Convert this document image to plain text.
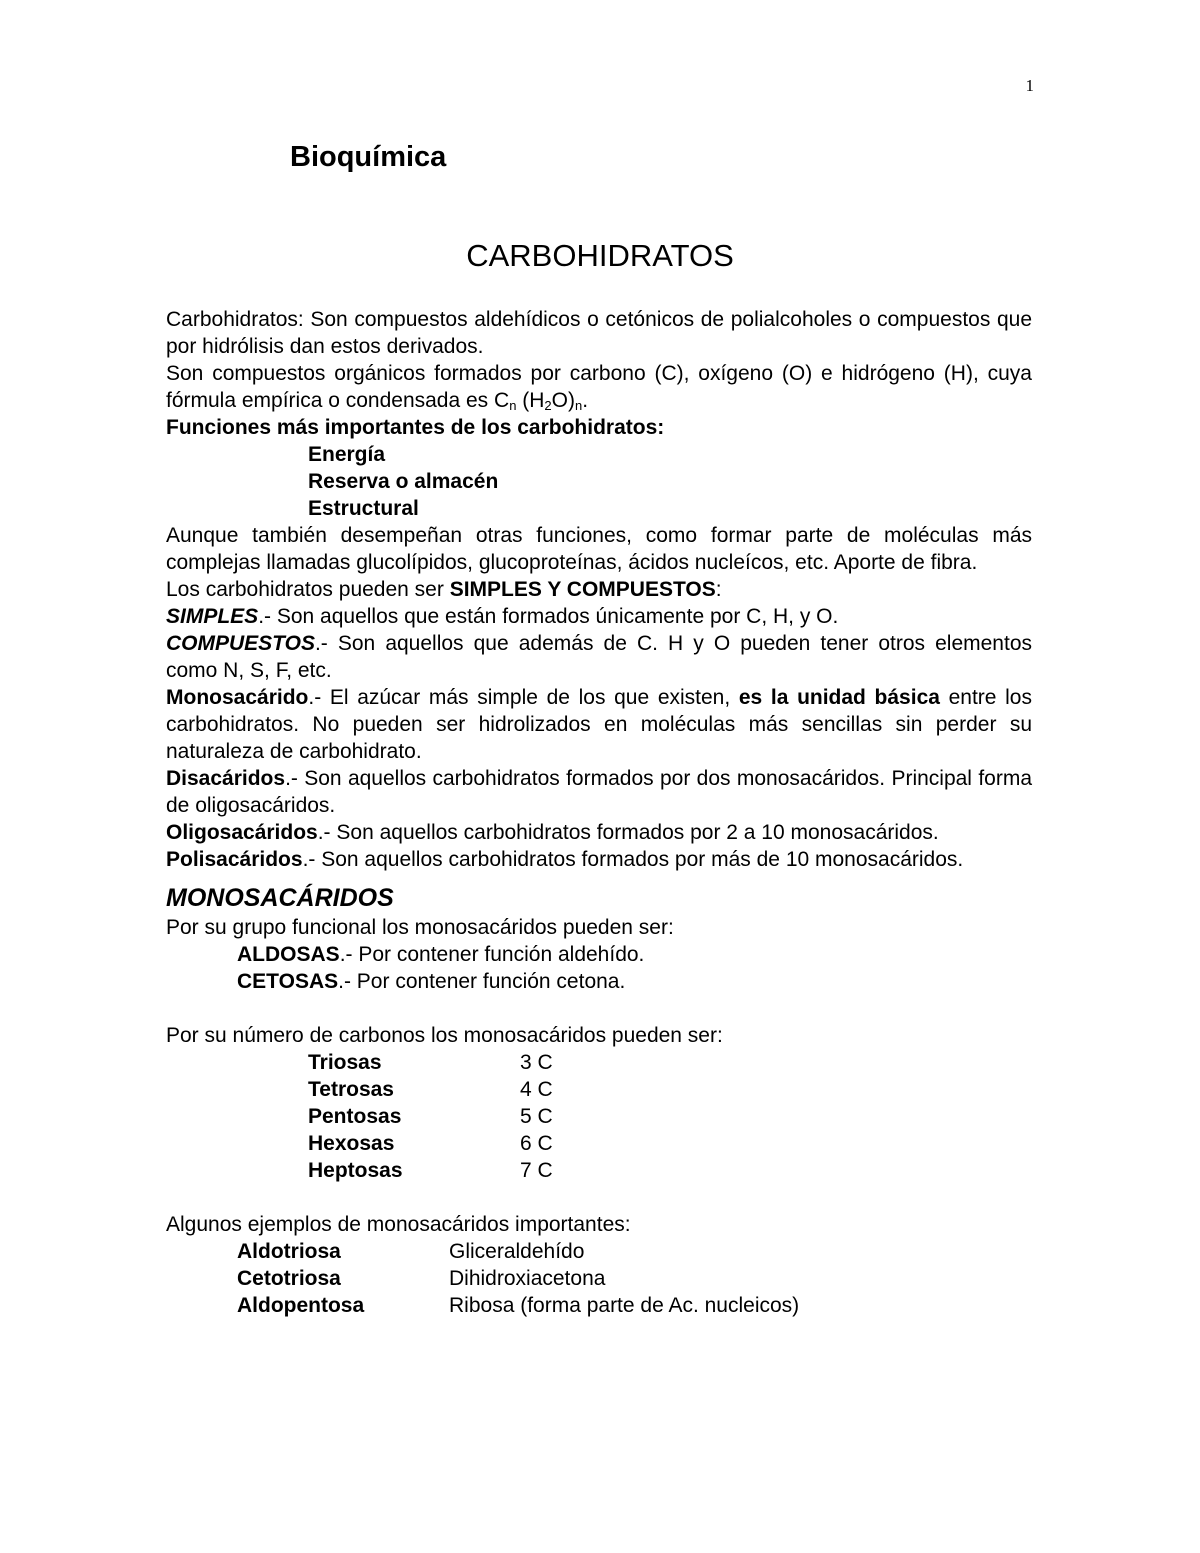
1
Bioquímica
CARBOHIDRATOS

Carbohidratos: Son compuestos aldehídicos o cetónicos de polialcoholes o compuestos que por hidrólisis dan estos derivados.

Son compuestos orgánicos formados por carbono (C), oxígeno (O) e hidrógeno (H), cuya fórmula empírica o condensada es $C_n$ $(H_2O)_n$.

Funciones más importantes de los carbohidratos:

Energía

Reserva o almacén

Estructural

Aunque también desempeñan otras funciones, como formar parte de moléculas más complejas llamadas glucolípidos, glucoproteínas, ácidos nucleícos, etc. Aporte de fibra.

Los carbohidratos pueden ser SIMPLES Y COMPUESTOS:

SIMPLES.- Son aquellos que están formados únicamente por C, H, y O.

COMPUESTOS.- Son aquellos que además de C. H y O pueden tener otros elementos como N, S, F, etc.

Monosacárido.- El azúcar más simple de los que existen, es la unidad básica entre los carbohidratos. No pueden ser hidrolizados en moléculas más sencillas sin perder su naturaleza de carbohidrato.

Disacáridos.- Son aquellos carbohidratos formados por dos monosacáridos. Principal forma de oligosacáridos.

Oligosacáridos.- Son aquellos carbohidratos formados por 2 a 10 monosacáridos.

Polisacáridos.- Son aquellos carbohidratos formados por más de 10 monosacáridos.

MONOSACÁRIDOS

Por su grupo funcional los monosacáridos pueden ser:

ALDOSAS.- Por contener función aldehído.

CETOSAS.- Por contener función cetona.

Por su número de carbonos los monosacáridos pueden ser:

Triosas	3 C
Tetrosas	4 C
Pentosas	5 C
Hexosas	6 C
Heptosas	7 C

Algunos ejemplos de monosacáridos importantes:

Aldotriosa	Gliceraldehído
Cetotriosa	Dihidroxiacetona
Aldopentosa	Ribosa (forma parte de Ac. nucleicos)
